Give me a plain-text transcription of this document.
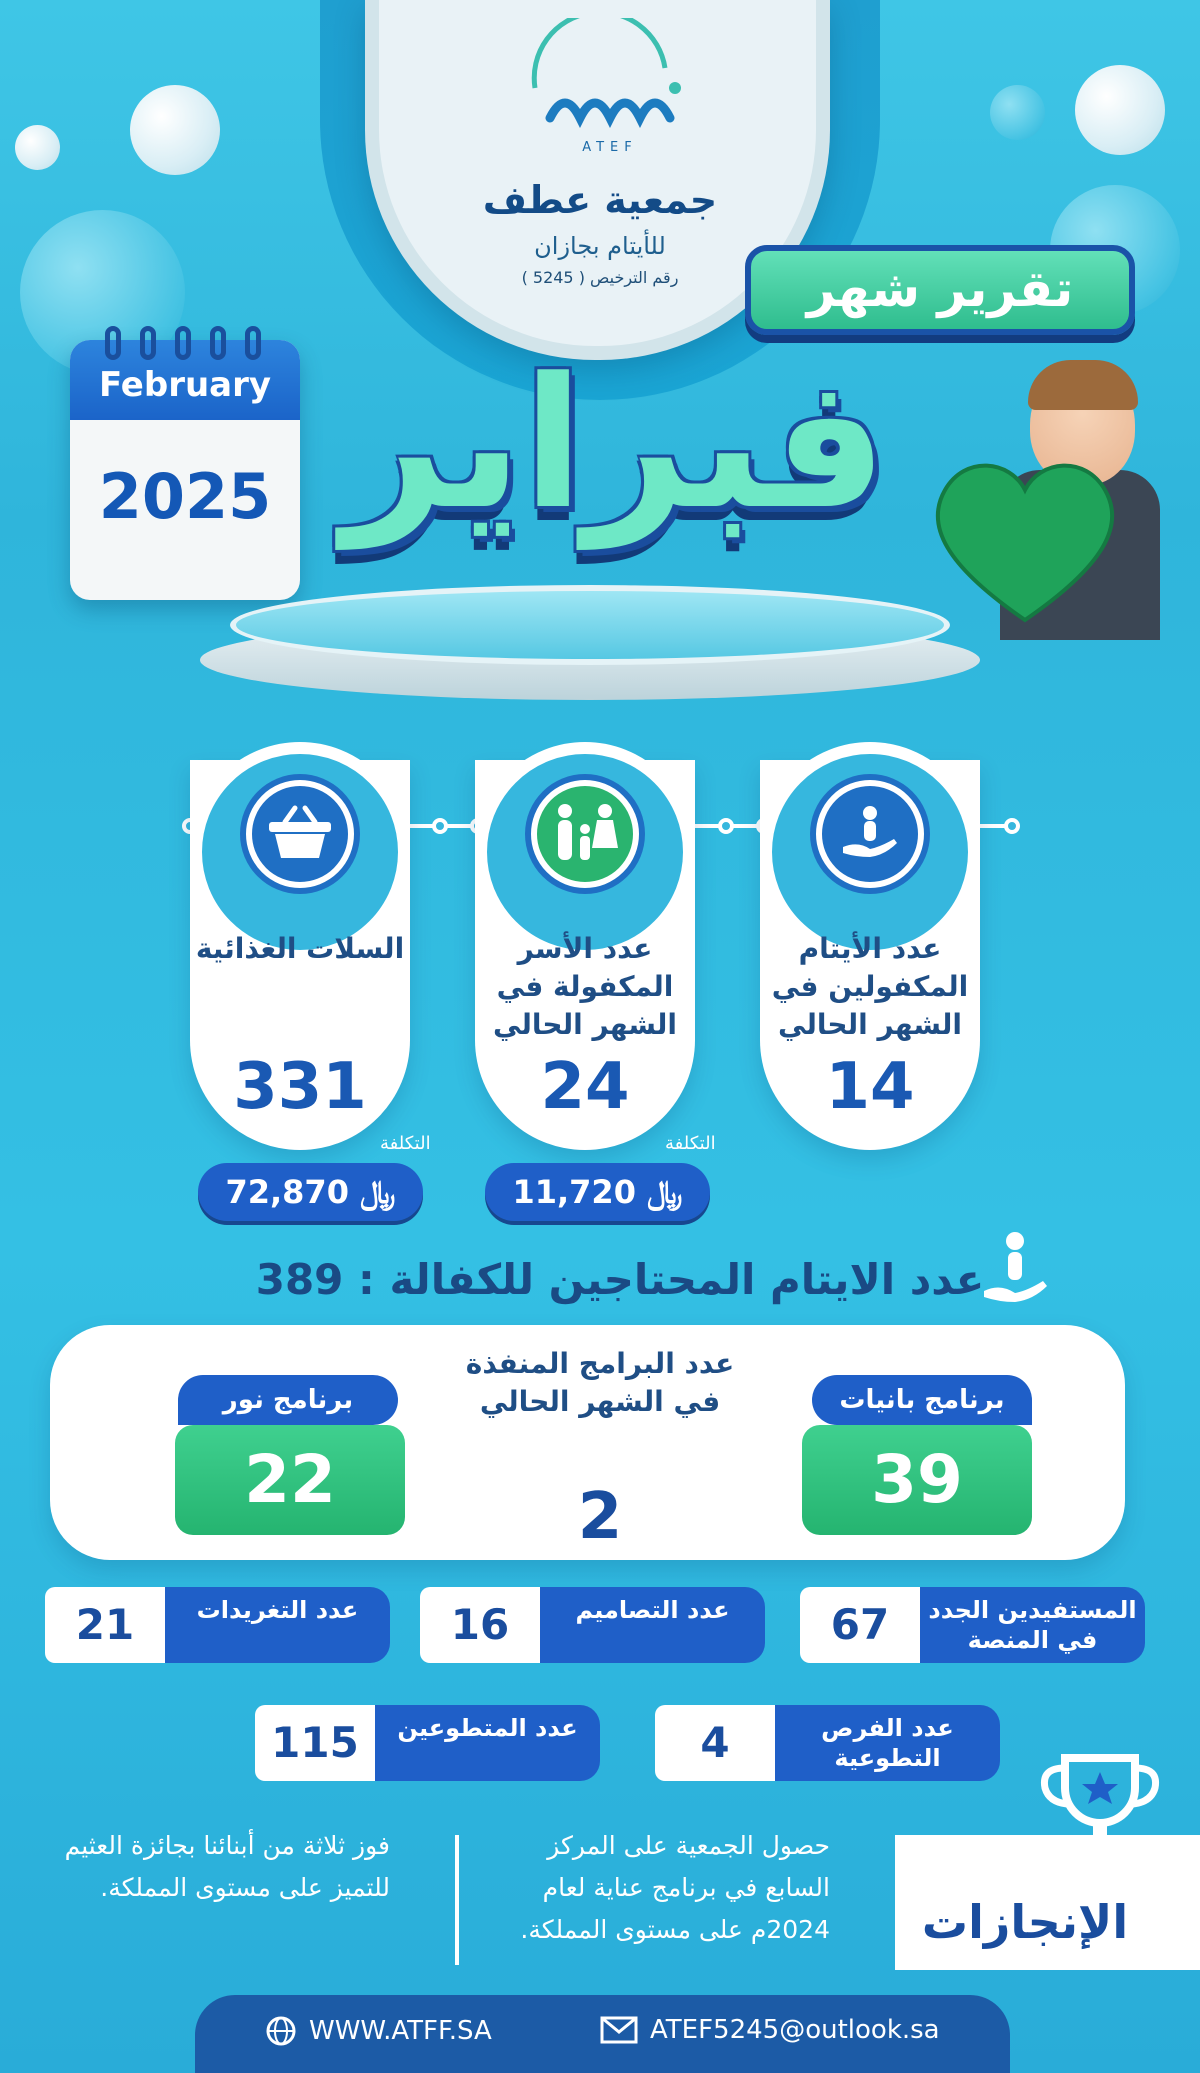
ATEF
جمعية عطف
للأيتام بجازان
رقم الترخيص ( 5245 )
February
2025
تقرير شهر
فبراير
عدد الأيتام المكفولين في الشهر الحالي
14
عدد الأسر المكفولة في الشهر الحالي
24
التكلفة
11,720 ﷼
السلات الغذائية
331
التكلفة
72,870 ﷼
عدد الايتام المحتاجين للكفالة : 389
برنامج بانيات
39
برنامج نور
22
عدد البرامج المنفذة في الشهر الحالي
2
67	المستفيدين الجدد في المنصة
16	عدد التصاميم
21	عدد التغريدات
4	عدد الفرص التطوعية
115	عدد المتطوعين
الإنجازات
حصول الجمعية على المركز السابع في برنامج عناية لعام 2024م على مستوى المملكة.
فوز ثلاثة من أبنائنا بجائزة العثيم للتميز على مستوى المملكة.
WWW.ATFF.SA	ATEF5245@outlook.sa
